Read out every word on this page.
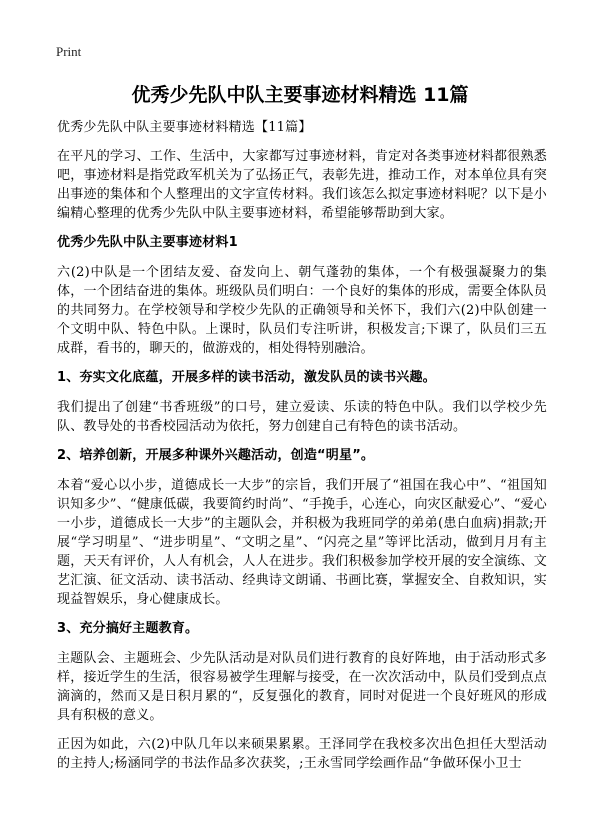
Print
优秀少先队中队主要事迹材料精选 11篇

优秀少先队中队主要事迹材料精选【11篇】

在平凡的学习、工作、生活中，大家都写过事迹材料，肯定对各类事迹材料都很熟悉吧，事迹材料是指党政军机关为了弘扬正气，表彰先进，推动工作，对本单位具有突出事迹的集体和个人整理出的文字宣传材料。我们该怎么拟定事迹材料呢？以下是小编精心整理的优秀少先队中队主要事迹材料，希望能够帮助到大家。

优秀少先队中队主要事迹材料1

六(2)中队是一个团结友爱、奋发向上、朝气蓬勃的集体，一个有极强凝聚力的集体，一个团结奋进的集体。班级队员们明白：一个良好的集体的形成，需要全体队员的共同努力。在学校领导和学校少先队的正确领导和关怀下，我们六(2)中队创建一个文明中队、特色中队。上课时，队员们专注听讲，积极发言;下课了，队员们三五成群，看书的，聊天的，做游戏的，相处得特别融洽。

1、夯实文化底蕴，开展多样的读书活动，激发队员的读书兴趣。

我们提出了创建“书香班级”的口号，建立爱读、乐读的特色中队。我们以学校少先队、教导处的书香校园活动为依托，努力创建自己有特色的读书活动。

2、培养创新，开展多种课外兴趣活动，创造“明星”。

本着“爱心以小步，道德成长一大步”的宗旨，我们开展了“祖国在我心中”、“祖国知识知多少”、“健康低碳，我要简约时尚”、“手挽手，心连心，向灾区献爱心”、“爱心一小步，道德成长一大步”的主题队会，并积极为我班同学的弟弟(患白血病)捐款;开展“学习明星”、“进步明星”、“文明之星”、“闪亮之星”等评比活动，做到月月有主题，天天有评价，人人有机会，人人在进步。我们积极参加学校开展的安全演练、文艺汇演、征文活动、读书活动、经典诗文朗诵、书画比赛，掌握安全、自救知识，实现益智娱乐，身心健康成长。

3、充分搞好主题教育。

主题队会、主题班会、少先队活动是对队员们进行教育的良好阵地，由于活动形式多样，接近学生的生活，很容易被学生理解与接受，在一次次活动中，队员们受到点点滴滴的，然而又是日积月累的“，反复强化的教育，同时对促进一个良好班风的形成具有积极的意义。

正因为如此，六(2)中队几年以来硕果累累。王泽同学在我校多次出色担任大型活动的主持人;杨涵同学的书法作品多次获奖，;王永雪同学绘画作品“争做环保小卫士
